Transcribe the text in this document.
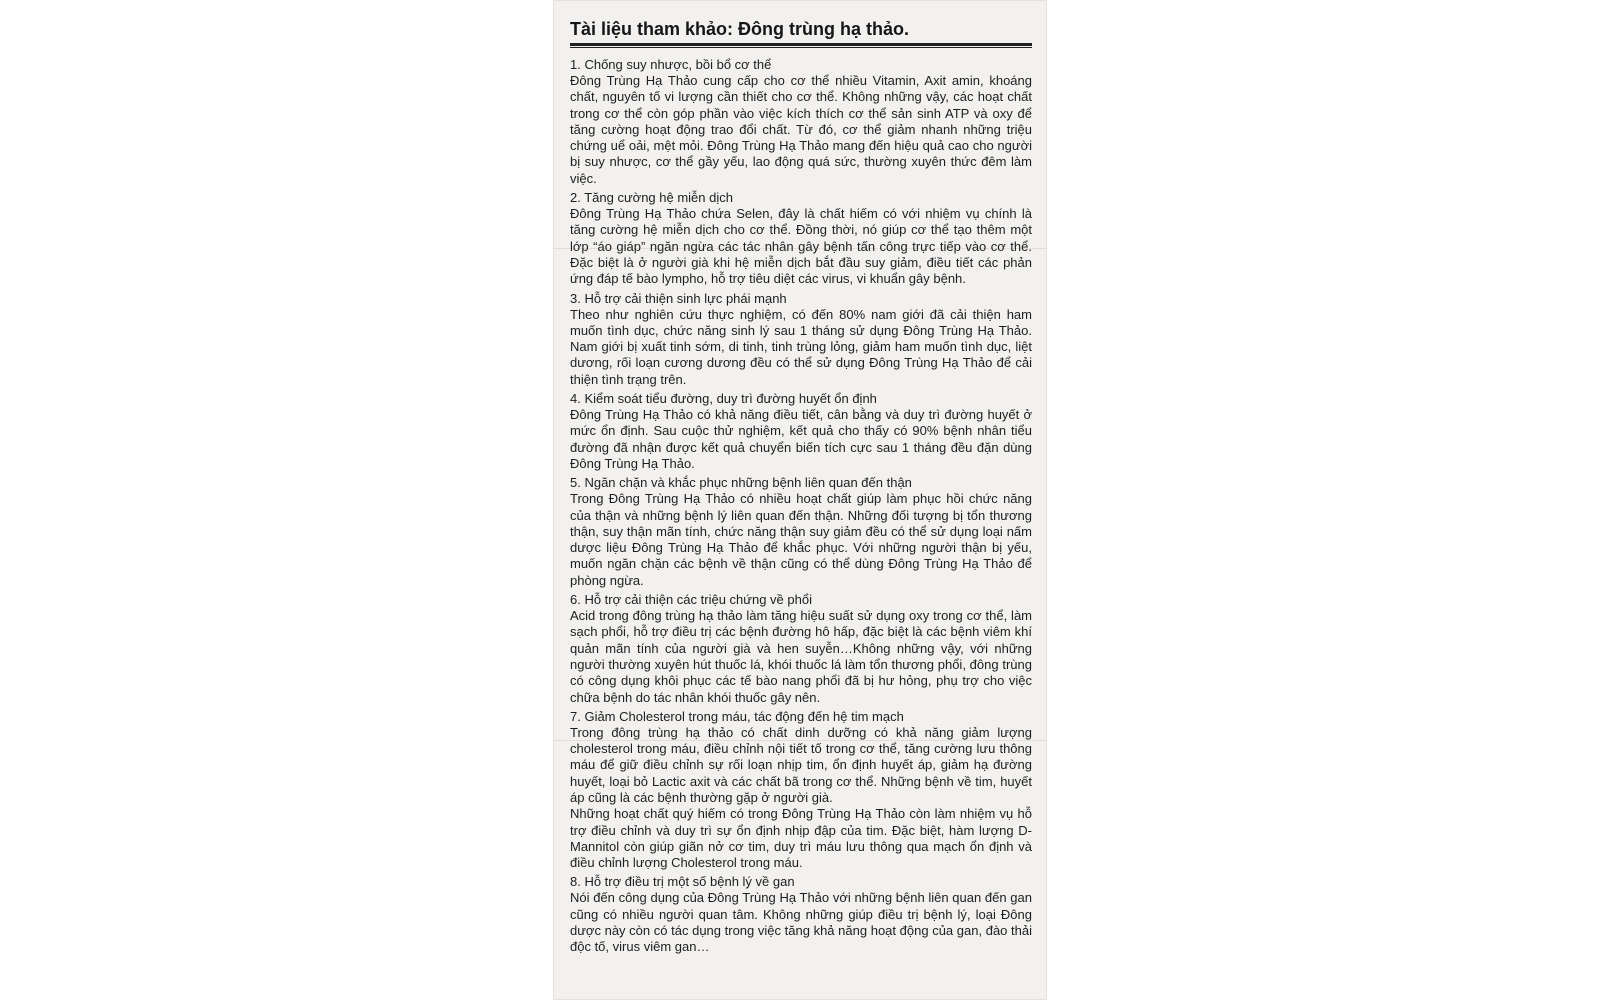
Tài liệu tham khảo: Đông trùng hạ thảo.

1. Chống suy nhược, bồi bổ cơ thể

Đông Trùng Hạ Thảo cung cấp cho cơ thể nhiều Vitamin, Axit amin, khoáng chất, nguyên tố vi lượng cần thiết cho cơ thể. Không những vậy, các hoạt chất trong cơ thể còn góp phần vào việc kích thích cơ thể sản sinh ATP và oxy để tăng cường hoạt động trao đổi chất. Từ đó, cơ thể giảm nhanh những triệu chứng uể oải, mệt mỏi. Đông Trùng Hạ Thảo mang đến hiệu quả cao cho người bị suy nhược, cơ thể gầy yếu, lao động quá sức, thường xuyên thức đêm làm việc.

2. Tăng cường hệ miễn dịch

Đông Trùng Hạ Thảo chứa Selen, đây là chất hiếm có với nhiệm vụ chính là tăng cường hệ miễn dịch cho cơ thể. Đồng thời, nó giúp cơ thể tạo thêm một lớp “áo giáp” ngăn ngừa các tác nhân gây bệnh tấn công trực tiếp vào cơ thể. Đặc biệt là ở người già khi hệ miễn dịch bắt đầu suy giảm, điều tiết các phản ứng đáp tế bào lympho, hỗ trợ tiêu diệt các virus, vi khuẩn gây bệnh.

3. Hỗ trợ cải thiện sinh lực phái mạnh

Theo như nghiên cứu thực nghiệm, có đến 80% nam giới đã cải thiện ham muốn tình dục, chức năng sinh lý sau 1 tháng sử dụng Đông Trùng Hạ Thảo. Nam giới bị xuất tinh sớm, di tinh, tinh trùng lỏng, giảm ham muốn tình dục, liệt dương, rối loạn cương dương đều có thể sử dụng Đông Trùng Hạ Thảo để cải thiện tình trạng trên.

4. Kiểm soát tiểu đường, duy trì đường huyết ổn định

Đông Trùng Hạ Thảo có khả năng điều tiết, cân bằng và duy trì đường huyết ở mức ổn định. Sau cuộc thử nghiệm, kết quả cho thấy có 90% bệnh nhân tiểu đường đã nhận được kết quả chuyển biến tích cực sau 1 tháng đều đặn dùng Đông Trùng Hạ Thảo.

5. Ngăn chặn và khắc phục những bệnh liên quan đến thận

Trong Đông Trùng Hạ Thảo có nhiều hoạt chất giúp làm phục hồi chức năng của thận và những bệnh lý liên quan đến thận. Những đối tượng bị tổn thương thận, suy thận mãn tính, chức năng thận suy giảm đều có thể sử dụng loại nấm dược liệu Đông Trùng Hạ Thảo để khắc phục. Với những người thận bị yếu, muốn ngăn chặn các bệnh về thận cũng có thể dùng Đông Trùng Hạ Thảo để phòng ngừa.

6. Hỗ trợ cải thiện các triệu chứng về phổi

Acid trong đông trùng hạ thảo làm tăng hiệu suất sử dụng oxy trong cơ thể, làm sạch phổi, hỗ trợ điều trị các bệnh đường hô hấp, đặc biệt là các bệnh viêm khí quản mãn tính của người già và hen suyễn…Không những vậy, với những người thường xuyên hút thuốc lá, khói thuốc lá làm tổn thương phổi, đông trùng có công dụng khôi phục các tế bào nang phổi đã bị hư hỏng, phụ trợ cho việc chữa bệnh do tác nhân khói thuốc gây nên.

7. Giảm Cholesterol trong máu, tác động đến hệ tim mạch

Trong đông trùng hạ thảo có chất dinh dưỡng có khả năng giảm lượng cholesterol trong máu, điều chỉnh nội tiết tố trong cơ thể, tăng cường lưu thông máu để giữ điều chỉnh sự rối loạn nhịp tim, ổn định huyết áp, giảm hạ đường huyết, loại bỏ Lactic axit và các chất bã trong cơ thể. Những bệnh về tim, huyết áp cũng là các bệnh thường gặp ở người già.

Những hoạt chất quý hiếm có trong Đông Trùng Hạ Thảo còn làm nhiệm vụ hỗ trợ điều chỉnh và duy trì sự ổn định nhịp đập của tim. Đặc biệt, hàm lượng D-Mannitol còn giúp giãn nở cơ tim, duy trì máu lưu thông qua mạch ổn định và điều chỉnh lượng Cholesterol trong máu.

8. Hỗ trợ điều trị một số bệnh lý về gan

Nói đến công dụng của Đông Trùng Hạ Thảo với những bệnh liên quan đến gan cũng có nhiều người quan tâm. Không những giúp điều trị bệnh lý, loại Đông dược này còn có tác dụng trong việc tăng khả năng hoạt động của gan, đào thải độc tố, virus viêm gan…
